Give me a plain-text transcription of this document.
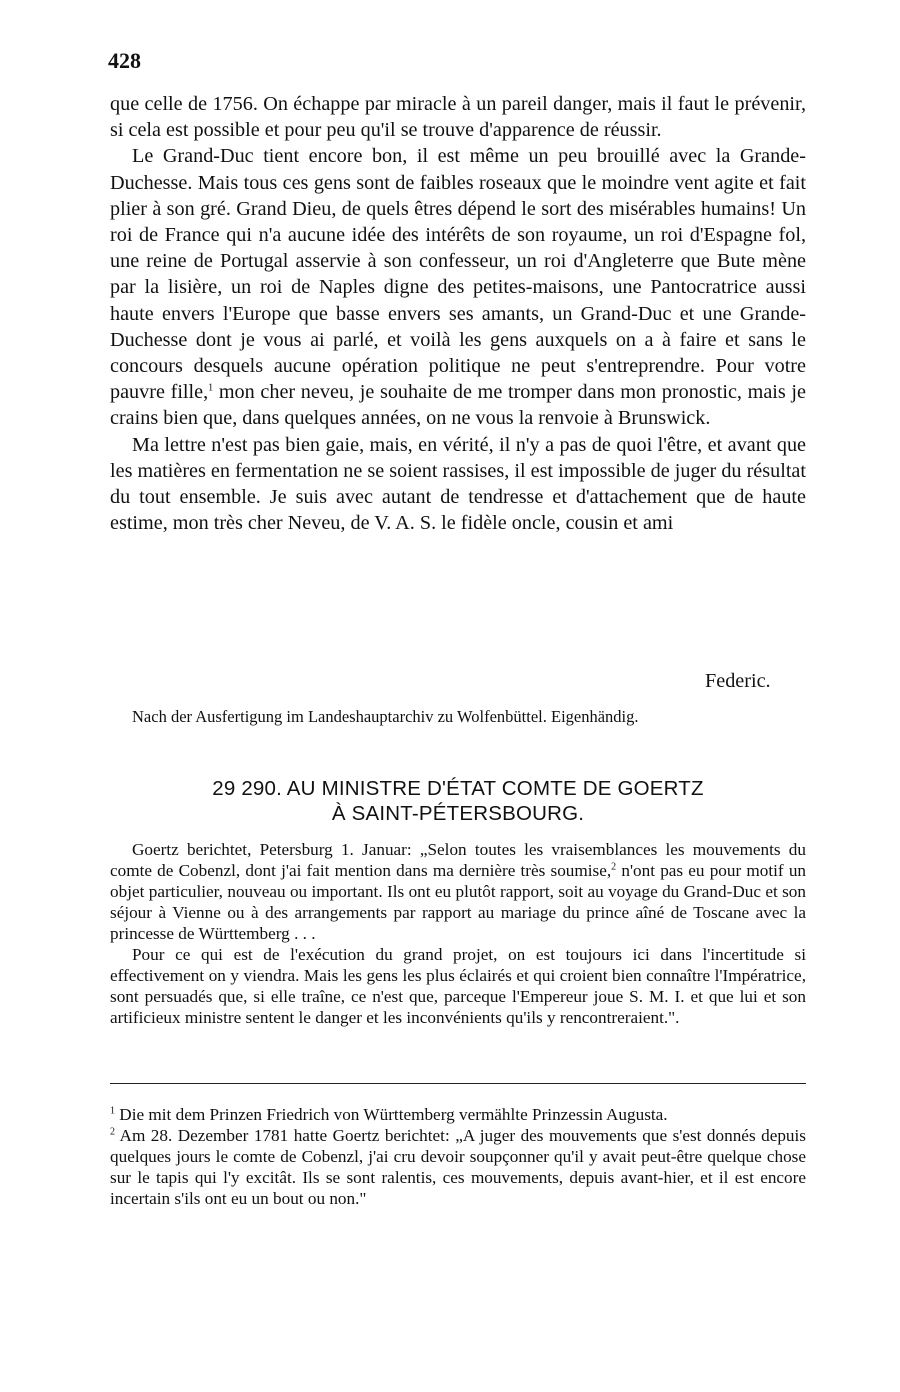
428

que celle de 1756. On échappe par miracle à un pareil danger, mais il faut le prévenir, si cela est possible et pour peu qu'il se trouve d'apparence de réussir.

Le Grand-Duc tient encore bon, il est même un peu brouillé avec la Grande-Duchesse. Mais tous ces gens sont de faibles roseaux que le moindre vent agite et fait plier à son gré. Grand Dieu, de quels êtres dépend le sort des misérables humains! Un roi de France qui n'a aucune idée des intérêts de son royaume, un roi d'Espagne fol, une reine de Portugal asservie à son confesseur, un roi d'Angleterre que Bute mène par la lisière, un roi de Naples digne des petites-maisons, une Pantocratrice aussi haute envers l'Europe que basse envers ses amants, un Grand-Duc et une Grande-Duchesse dont je vous ai parlé, et voilà les gens auxquels on a à faire et sans le concours desquels aucune opération politique ne peut s'entreprendre. Pour votre pauvre fille,$^1$ mon cher neveu, je souhaite de me tromper dans mon pronostic, mais je crains bien que, dans quelques années, on ne vous la renvoie à Brunswick.

Ma lettre n'est pas bien gaie, mais, en vérité, il n'y a pas de quoi l'être, et avant que les matières en fermentation ne se soient rassises, il est impossible de juger du résultat du tout ensemble. Je suis avec autant de tendresse et d'attachement que de haute estime, mon très cher Neveu, de V. A. S. le fidèle oncle, cousin et ami

Federic.
Nach der Ausfertigung im Landeshauptarchiv zu Wolfenbüttel. Eigenhändig.
29 290. AU MINISTRE D'ÉTAT COMTE DE GOERTZ
À SAINT-PÉTERSBOURG.

Goertz berichtet, Petersburg 1. Januar: „Selon toutes les vraisemblances les mouvements du comte de Cobenzl, dont j'ai fait mention dans ma dernière très soumise,$^2$ n'ont pas eu pour motif un objet particulier, nouveau ou important. Ils ont eu plutôt rapport, soit au voyage du Grand-Duc et son séjour à Vienne ou à des arrangements par rapport au mariage du prince aîné de Toscane avec la princesse de Württemberg . . .

Pour ce qui est de l'exécution du grand projet, on est toujours ici dans l'incertitude si effectivement on y viendra. Mais les gens les plus éclairés et qui croient bien connaître l'Impératrice, sont persuadés que, si elle traîne, ce n'est que, parceque l'Empereur joue S. M. I. et que lui et son artificieux ministre sentent le danger et les inconvénients qu'ils y rencontreraient.".

$^1$ Die mit dem Prinzen Friedrich von Württemberg vermählte Prinzessin Augusta.

$^2$ Am 28. Dezember 1781 hatte Goertz berichtet: „A juger des mouvements que s'est donnés depuis quelques jours le comte de Cobenzl, j'ai cru devoir soupçonner qu'il y avait peut-être quelque chose sur le tapis qui l'y excitât. Ils se sont ralentis, ces mouvements, depuis avant-hier, et il est encore incertain s'ils ont eu un bout ou non."
